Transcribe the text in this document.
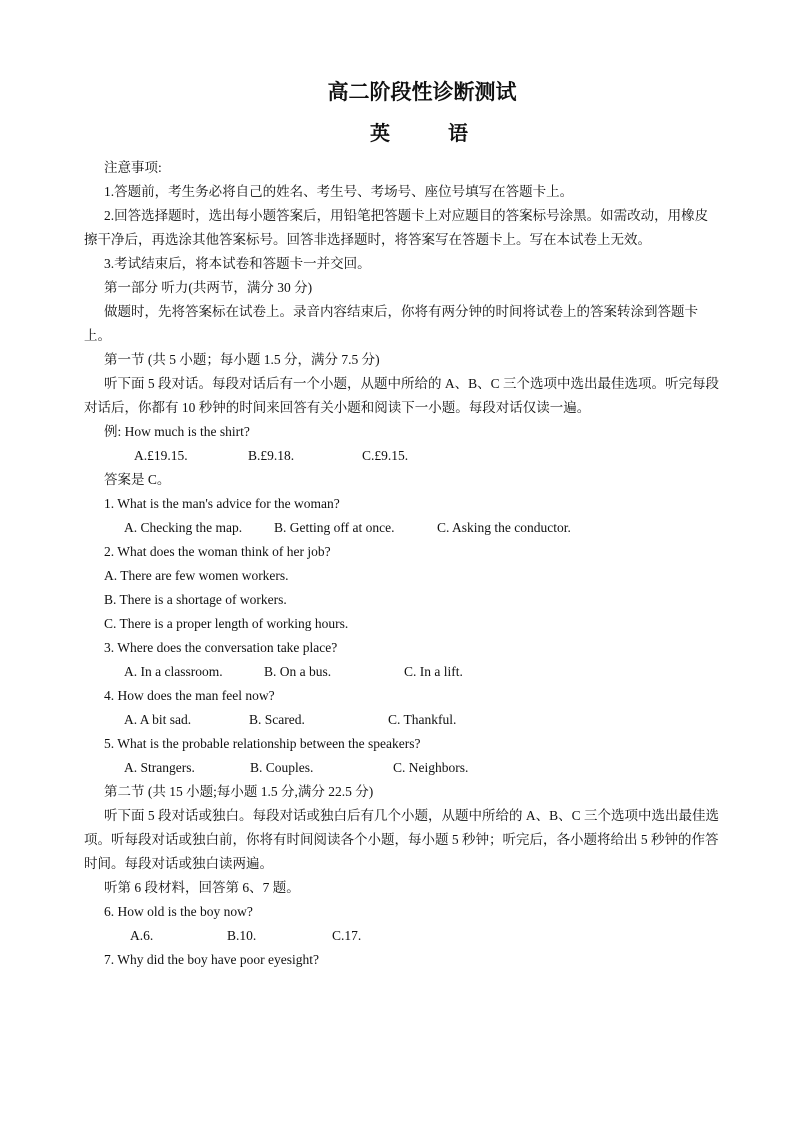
高二阶段性诊断测试
英	语

注意事项:

1.答题前，考生务必将自己的姓名、考生号、考场号、座位号填写在答题卡上。

2.回答选择题时，选出每小题答案后，用铅笔把答题卡上对应题目的答案标号涂黑。如需改动，用橡皮擦干净后，再选涂其他答案标号。回答非选择题时，将答案写在答题卡上。写在本试卷上无效。

3.考试结束后，将本试卷和答题卡一并交回。

第一部分 听力(共两节，满分 30 分)

做题时，先将答案标在试卷上。录音内容结束后，你将有两分钟的时间将试卷上的答案转涂到答题卡上。

第一节 (共 5 小题；每小题 1.5 分，满分 7.5 分)

听下面 5 段对话。每段对话后有一个小题，从题中所给的 A、B、C 三个选项中选出最佳选项。听完每段对话后，你都有 10 秒钟的时间来回答有关小题和阅读下一小题。每段对话仅读一遍。

例: How much is the shirt?

A.£19.15.	B.£9.18.	C.£9.15.

答案是 C。

1. What is the man's advice for the woman?

A. Checking the map. B. Getting off at once.	C. Asking the conductor.

2. What does the woman think of her job?

A. There are few women workers.

B. There is a shortage of workers.

C. There is a proper length of working hours.

3. Where does the conversation take place?

A. In a classroom.	B. On a bus.	C. In a lift.

4. How does the man feel now?

A. A bit sad.	B. Scared.	C. Thankful.

5. What is the probable relationship between the speakers?

A. Strangers.	B. Couples.	C. Neighbors.

第二节 (共 15 小题;每小题 1.5 分,满分 22.5 分)

听下面 5 段对话或独白。每段对话或独白后有几个小题，从题中所给的 A、B、C 三个选项中选出最佳选项。听每段对话或独白前，你将有时间阅读各个小题，每小题 5 秒钟；听完后，各小题将给出 5 秒钟的作答时间。每段对话或独白读两遍。

听第 6 段材料，回答第 6、7 题。

6. How old is the boy now?

A.6.	B.10.	C.17.

7. Why did the boy have poor eyesight?
